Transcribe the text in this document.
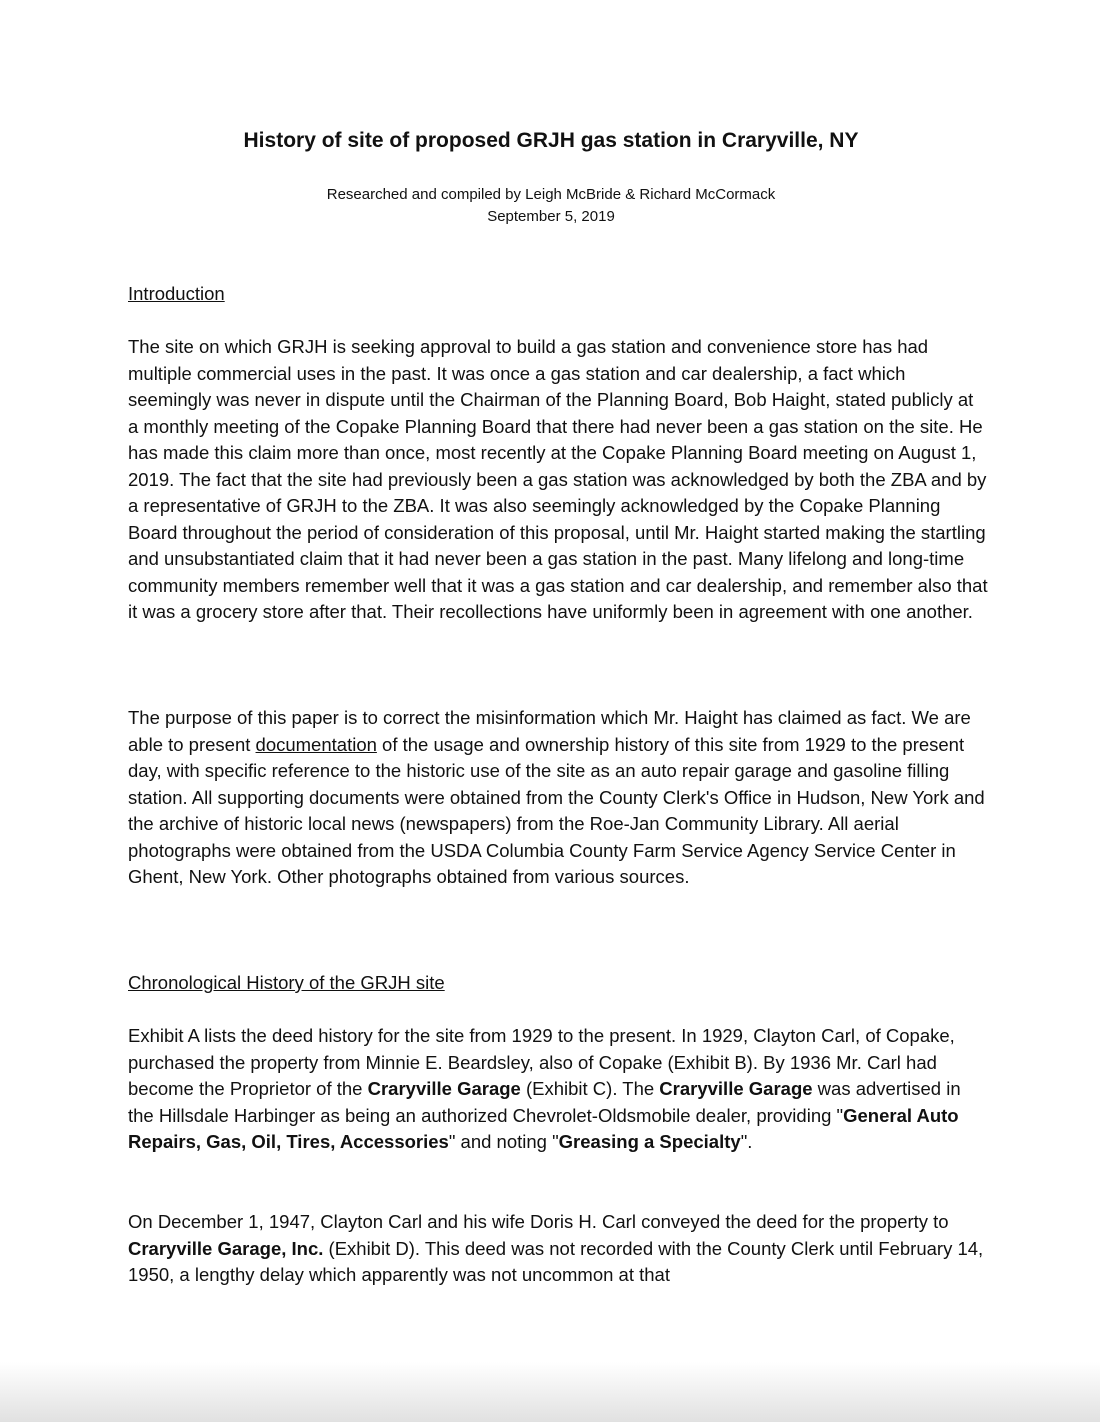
History of site of proposed GRJH gas station in Craryville, NY

Researched and compiled by Leigh McBride & Richard McCormack

September 5, 2019

Introduction

The site on which GRJH is seeking approval to build a gas station and convenience store has had multiple commercial uses in the past. It was once a gas station and car dealership, a fact which seemingly was never in dispute until the Chairman of the Planning Board, Bob Haight, stated publicly at a monthly meeting of the Copake Planning Board that there had never been a gas station on the site. He has made this claim more than once, most recently at the Copake Planning Board meeting on August 1, 2019. The fact that the site had previously been a gas station was acknowledged by both the ZBA and by a representative of GRJH to the ZBA. It was also seemingly acknowledged by the Copake Planning Board throughout the period of consideration of this proposal, until Mr. Haight started making the startling and unsubstantiated claim that it had never been a gas station in the past. Many lifelong and long-time community members remember well that it was a gas station and car dealership, and remember also that it was a grocery store after that. Their recollections have uniformly been in agreement with one another.

The purpose of this paper is to correct the misinformation which Mr. Haight has claimed as fact. We are able to present documentation of the usage and ownership history of this site from 1929 to the present day, with specific reference to the historic use of the site as an auto repair garage and gasoline filling station. All supporting documents were obtained from the County Clerk's Office in Hudson, New York and the archive of historic local news (newspapers) from the Roe-Jan Community Library. All aerial photographs were obtained from the USDA Columbia County Farm Service Agency Service Center in Ghent, New York. Other photographs obtained from various sources.

Chronological History of the GRJH site

Exhibit A lists the deed history for the site from 1929 to the present. In 1929, Clayton Carl, of Copake, purchased the property from Minnie E. Beardsley, also of Copake (Exhibit B). By 1936 Mr. Carl had become the Proprietor of the Craryville Garage (Exhibit C). The Craryville Garage was advertised in the Hillsdale Harbinger as being an authorized Chevrolet-Oldsmobile dealer, providing "General Auto Repairs, Gas, Oil, Tires, Accessories" and noting "Greasing a Specialty".

On December 1, 1947, Clayton Carl and his wife Doris H. Carl conveyed the deed for the property to Craryville Garage, Inc. (Exhibit D). This deed was not recorded with the County Clerk until February 14, 1950, a lengthy delay which apparently was not uncommon at that
